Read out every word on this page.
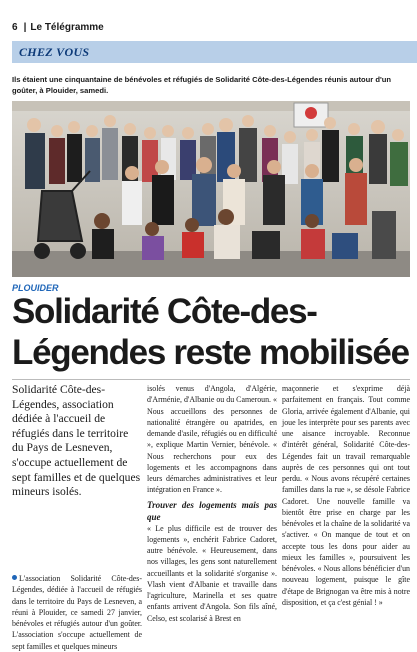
6 | Le Télégramme
CHEZ VOUS
Ils étaient une cinquantaine de bénévoles et réfugiés de Solidarité Côte-des-Légendes réunis autour d'un goûter, à Plouider, samedi.
PLOUIDER
Solidarité Côte-des-Légendes reste mobilisée
Solidarité Côte-des-Légendes, association dédiée à l'accueil de réfugiés dans le territoire du Pays de Lesneven, s'occupe actuellement de sept familles et de quelques mineurs isolés.
L'association Solidarité Côte-des-Légendes, dédiée à l'accueil de réfugiés dans le territoire du Pays de Lesneven, a réuni à Plouider, ce samedi 27 janvier, bénévoles et réfugiés autour d'un goûter. L'association s'occupe actuellement de sept familles et quelques mineurs

isolés venus d'Angola, d'Algérie, d'Arménie, d'Albanie ou du Cameroun. « Nous accueillons des personnes de nationalité étrangère ou apatrides, en demande d'asile, réfugiés ou en difficulté », explique Martin Vernier, bénévole. « Nous recherchons pour eux des logements et les accompagnons dans leurs démarches administratives et leur intégration en France ».

Trouver des logements mais pas que

« Le plus difficile est de trouver des logements », enchérit Fabrice Cadoret, autre bénévole. « Heureusement, dans nos villages, les gens sont naturellement accueillants et la solidarité s'organise ». Vlash vient d'Albanie et travaille dans l'agriculture, Marinella et ses quatre enfants arrivent d'Angola. Son fils aîné, Celso, est scolarisé à Brest en

maçonnerie et s'exprime déjà parfaitement en français. Tout comme Gloria, arrivée également d'Albanie, qui joue les interprète pour ses parents avec une aisance incroyable. Reconnue d'intérêt général, Solidarité Côte-des-Légendes fait un travail remarquable auprès de ces personnes qui ont tout perdu. « Nous avons récupéré certaines familles dans la rue », se désole Fabrice Cadoret. Une nouvelle famille va bientôt être prise en charge par les bénévoles et la chaîne de la solidarité va s'activer. « On manque de tout et on accepte tous les dons pour aider au mieux les familles », poursuivent les bénévoles. « Nous allons bénéficier d'un nouveau logement, puisque le gîte d'étape de Brignogan va être mis à notre disposition, et ça c'est génial ! »
